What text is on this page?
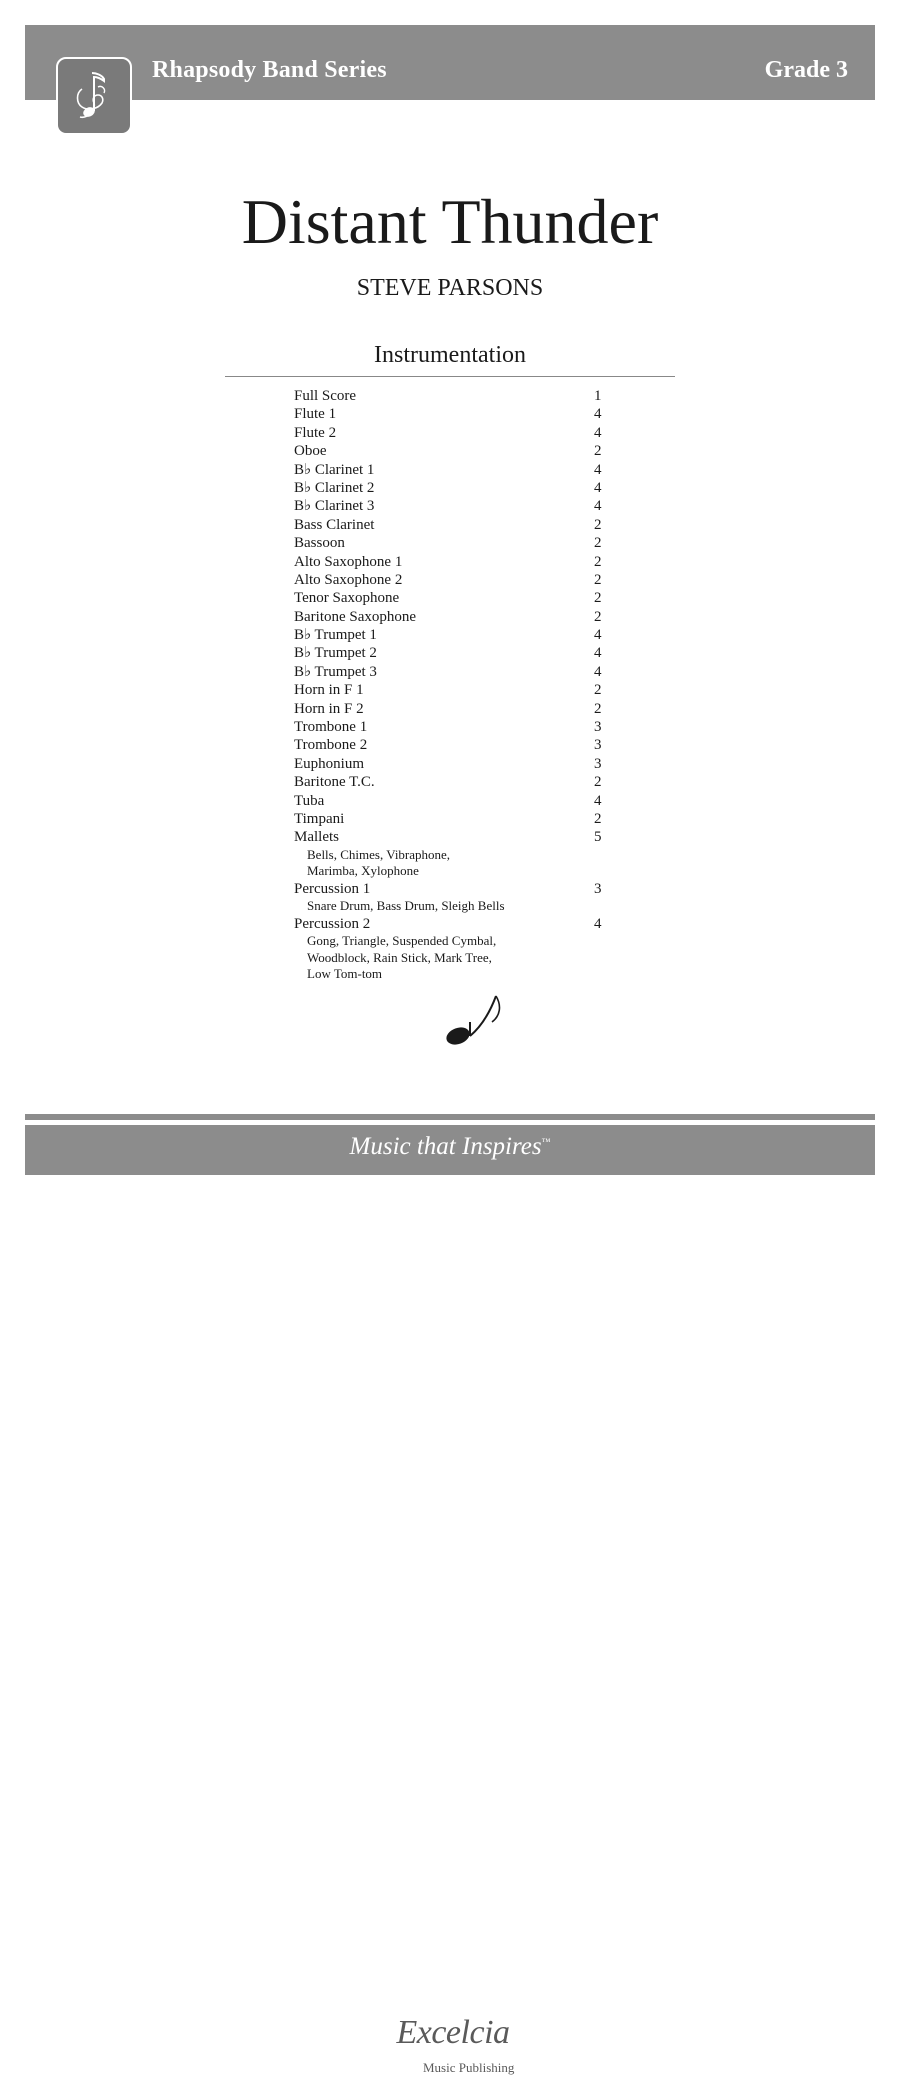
Rhapsody Band Series	Grade 3
Distant Thunder
STEVE PARSONS
Instrumentation
Full Score	1
Flute 1	4
Flute 2	4
Oboe	2
B♭ Clarinet 1	4
B♭ Clarinet 2	4
B♭ Clarinet 3	4
Bass Clarinet	2
Bassoon	2
Alto Saxophone 1	2
Alto Saxophone 2	2
Tenor Saxophone	2
Baritone Saxophone	2
B♭ Trumpet 1	4
B♭ Trumpet 2	4
B♭ Trumpet 3	4
Horn in F 1	2
Horn in F 2	2
Trombone 1	3
Trombone 2	3
Euphonium	3
Baritone T.C.	2
Tuba	4
Timpani	2
Mallets	5
Bells, Chimes, Vibraphone,
Marimba, Xylophone
Percussion 1	3
Snare Drum, Bass Drum, Sleigh Bells
Percussion 2	4
Gong, Triangle, Suspended Cymbal,
Woodblock, Rain Stick, Mark Tree,
Low Tom-tom
Excelcia
Music Publishing
Music that Inspires™
